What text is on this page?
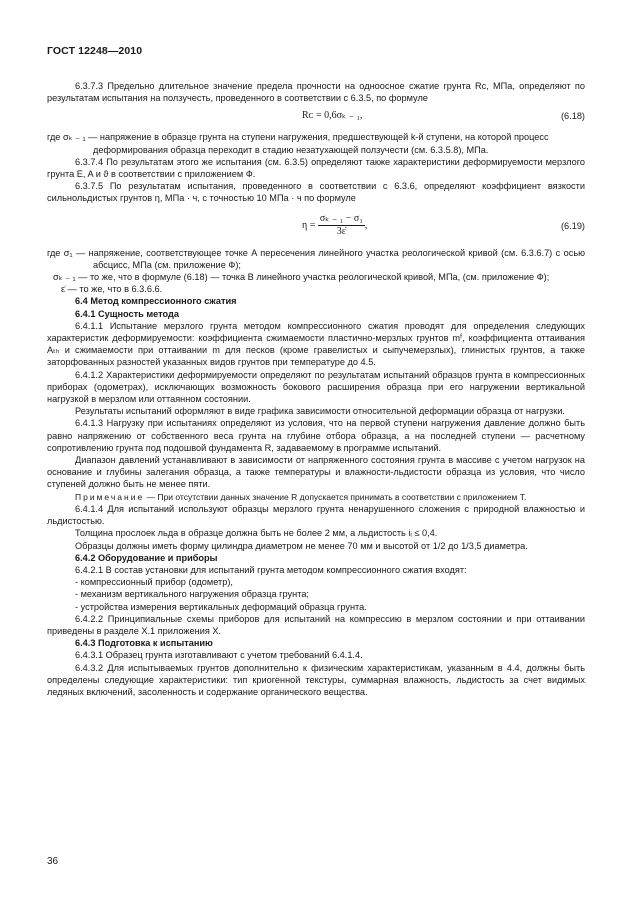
ГОСТ 12248—2010

6.3.7.3 Предельно длительное значение предела прочности на одноосное сжатие грунта Rᴄ, МПа, определяют по результатам испытания на ползучесть, проведенного в соответствии с 6.3.5, по формуле

Rᴄ = 0,6σₖ ₋ ₁,	(6.18)
где σₖ ₋ ₁ — напряжение в образце грунта на ступени нагружения, предшествующей k-й ступени, на которой процесс деформирования образца переходит в стадию незатухающей ползучести (см. 6.3.5.8), МПа.

6.3.7.4 По результатам этого же испытания (см. 6.3.5) определяют также характеристики деформируемости мерзлого грунта E, A и ϑ в соответствии с приложением Ф.

6.3.7.5 По результатам испытания, проведенного в соответствии с 6.3.6, определяют коэффициент вязкости сильнольдистых грунтов η, МПа · ч, с точностью 10 МПа · ч по формуле

$\eta = \frac{\text{σₖ ₋ ₁ − σ₁}}{3\varepsiloṅ}$ ,	(6.19)

где σ₁ — напряжение, соответствующее точке A пересечения линейного участка реологической кривой (см. 6.3.6.7) с осью абсцисс, МПа (см. приложение Ф);

σₖ ₋ ₁ — то же, что в формуле (6.18) — точка B линейного участка реологической кривой, МПа, (см. приложение Ф);

ε̇ — то же, что в 6.3.6.6.

6.4 Метод компрессионного сжатия

6.4.1 Сущность метода

6.4.1.1 Испытание мерзлого грунта методом компрессионного сжатия проводят для определения следующих характеристик деформируемости: коэффициента сжимаемости пластично-мерзлых грунтов mᶠ, коэффициента оттаивания Aₜₕ и сжимаемости при оттаивании m для песков (кроме гравелистых и сыпучемерзлых), глинистых грунтов, а также заторфованных разностей указанных видов грунтов при температуре до 4.5.

6.4.1.2 Характеристики деформируемости определяют по результатам испытаний образцов грунта в компрессионных приборах (одометрах), исключающих возможность бокового расширения образца при его нагружении вертикальной нагрузкой в мерзлом или оттаянном состоянии.

Результаты испытаний оформляют в виде графика зависимости относительной деформации образца от нагрузки.

6.4.1.3 Нагрузку при испытаниях определяют из условия, что на первой ступени нагружения давление должно быть равно напряжению от собственного веса грунта на глубине отбора образца, а на последней ступени — расчетному сопротивлению грунта под подошвой фундамента R, задаваемому в программе испытаний.

Диапазон давлений устанавливают в зависимости от напряженного состояния грунта в массиве с учетом нагрузок на основание и глубины залегания образца, а также температуры и влажности-льдистости образца из условия, что число ступеней должно быть не менее пяти.

Примечание — При отсутствии данных значение R допускается принимать в соответствии с приложением Т.

6.4.1.4 Для испытаний используют образцы мерзлого грунта ненарушенного сложения с природной влажностью и льдистостью.

Толщина прослоек льда в образце должна быть не более 2 мм, а льдистость iᵢ ≤ 0,4.

Образцы должны иметь форму цилиндра диаметром не менее 70 мм и высотой от 1/2 до 1/3,5 диаметра.

6.4.2 Оборудование и приборы

6.4.2.1 В состав установки для испытаний грунта методом компрессионного сжатия входят:

- компрессионный прибор (одометр),

- механизм вертикального нагружения образца грунта;

- устройства измерения вертикальных деформаций образца грунта.

6.4.2.2 Принципиальные схемы приборов для испытаний на компрессию в мерзлом состоянии и при оттаивании приведены в разделе Х.1 приложения Х.

6.4.3 Подготовка к испытанию

6.4.3.1 Образец грунта изготавливают с учетом требований 6.4.1.4.

6.4.3.2 Для испытываемых грунтов дополнительно к физическим характеристикам, указанным в 4.4, должны быть определены следующие характеристики: тип криогенной текстуры, суммарная влажность, льдистость за счет видимых ледяных включений, засоленность и содержание органического вещества.

36
